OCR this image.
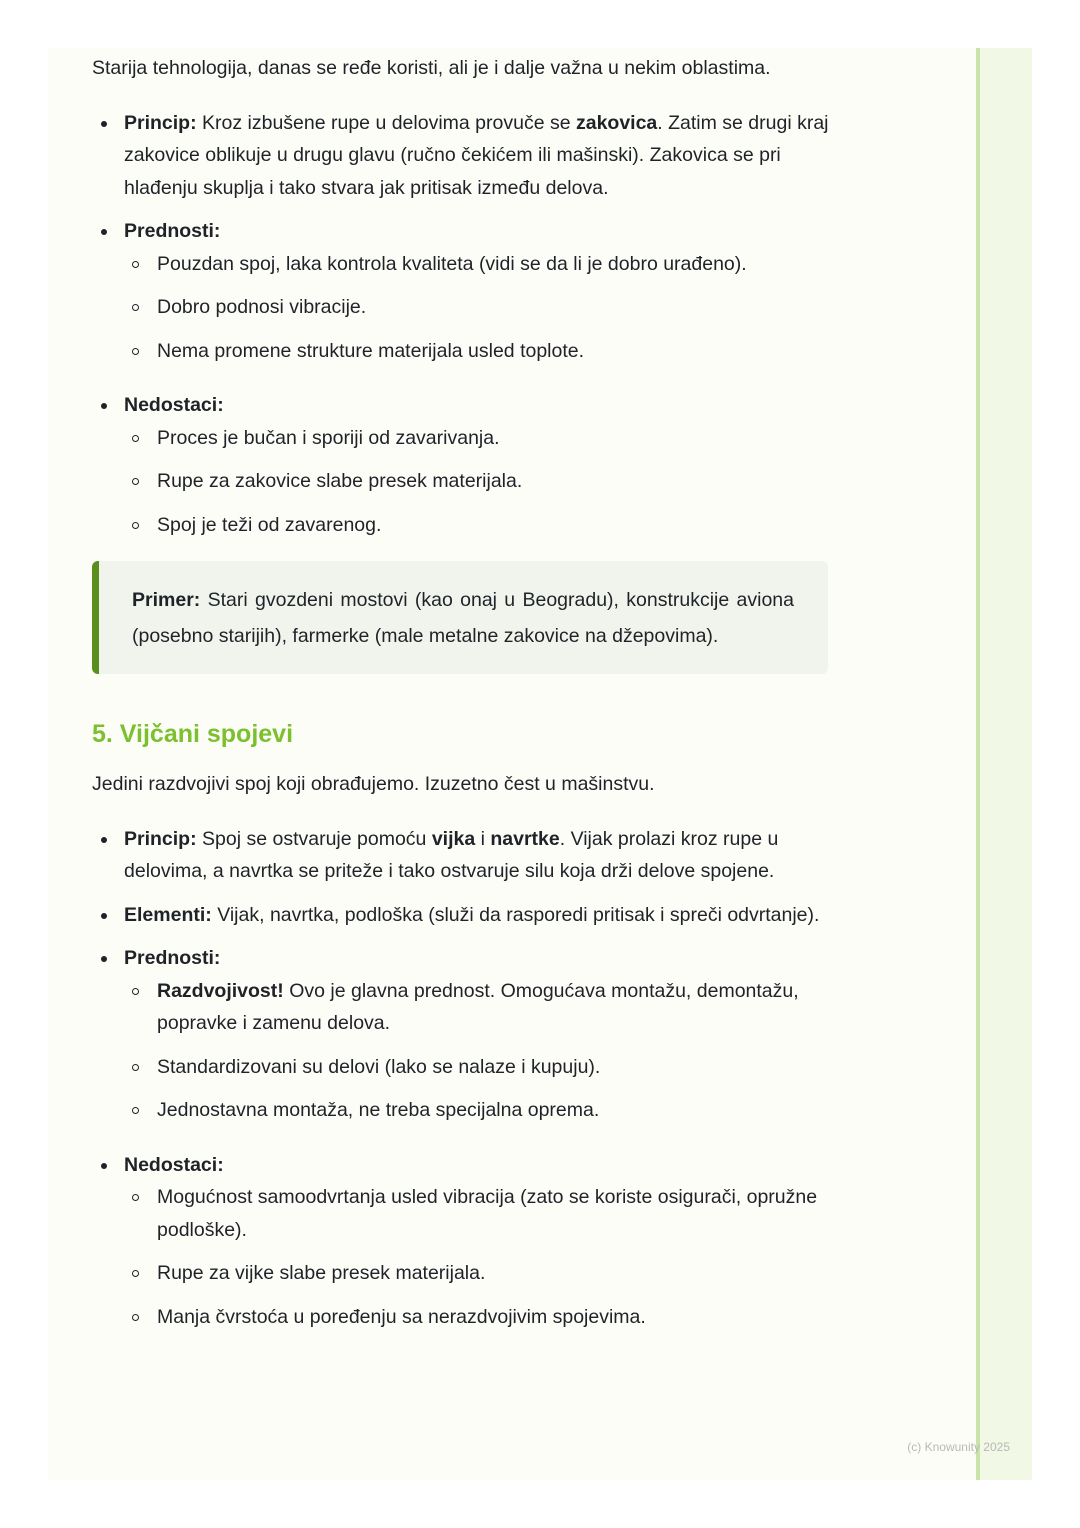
Starija tehnologija, danas se ređe koristi, ali je i dalje važna u nekim oblastima.

Princip: Kroz izbušene rupe u delovima provuče se zakovica. Zatim se drugi kraj zakovice oblikuje u drugu glavu (ručno čekićem ili mašinski). Zakovica se pri hlađenju skuplja i tako stvara jak pritisak između delova.
Prednosti:
Pouzdan spoj, laka kontrola kvaliteta (vidi se da li je dobro urađeno).
Dobro podnosi vibracije.
Nema promene strukture materijala usled toplote.
Nedostaci:
Proces je bučan i sporiji od zavarivanja.
Rupe za zakovice slabe presek materijala.
Spoj je teži od zavarenog.
Primer: Stari gvozdeni mostovi (kao onaj u Beogradu), konstrukcije aviona (posebno starijih), farmerke (male metalne zakovice na džepovima).
5. Vijčani spojevi

Jedini razdvojivi spoj koji obrađujemo. Izuzetno čest u mašinstvu.

Princip: Spoj se ostvaruje pomoću vijka i navrtke. Vijak prolazi kroz rupe u delovima, a navrtka se priteže i tako ostvaruje silu koja drži delove spojene.
Elementi: Vijak, navrtka, podloška (služi da rasporedi pritisak i spreči odvrtanje).
Prednosti:
Razdvojivost! Ovo je glavna prednost. Omogućava montažu, demontažu, popravke i zamenu delova.
Standardizovani su delovi (lako se nalaze i kupuju).
Jednostavna montaža, ne treba specijalna oprema.
Nedostaci:
Mogućnost samoodvrtanja usled vibracija (zato se koriste osigurači, opružne podloške).
Rupe za vijke slabe presek materijala.
Manja čvrstoća u poređenju sa nerazdvojivim spojevima.
(c) Knowunity 2025
